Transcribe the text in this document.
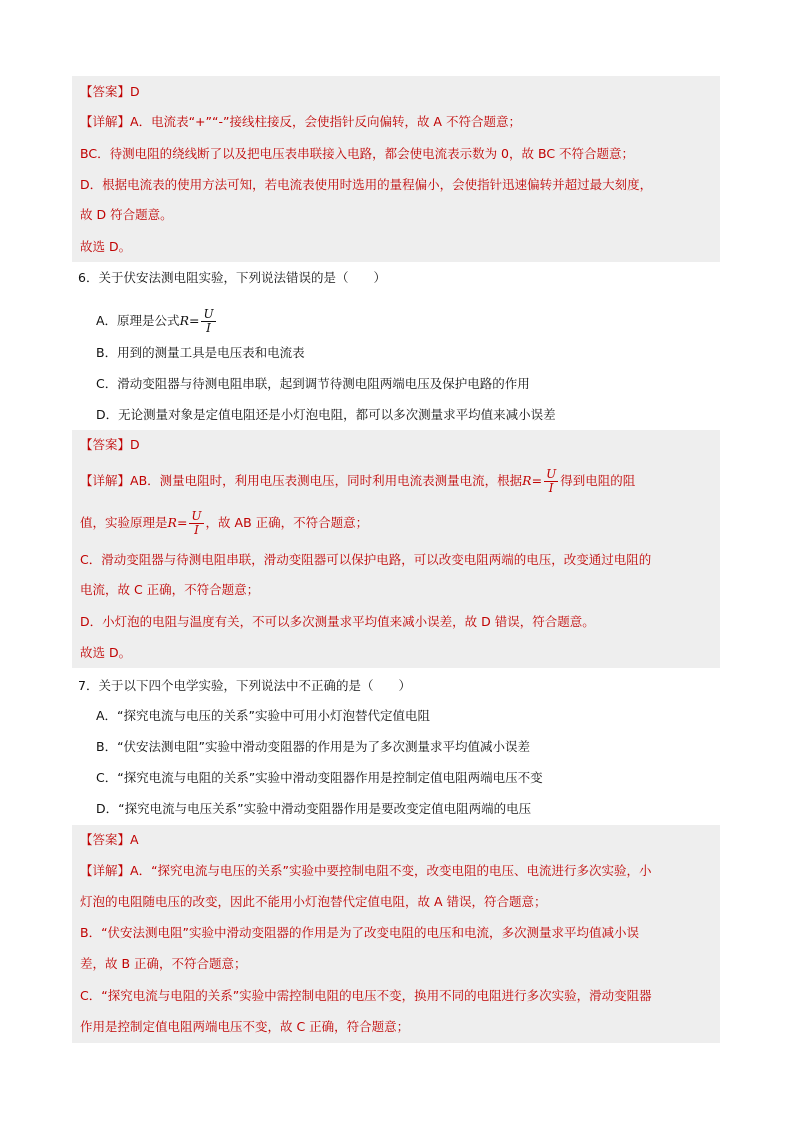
【答案】D
【详解】A．电流表“+”“-”接线柱接反，会使指针反向偏转，故 A 不符合题意；
BC．待测电阻的绕线断了以及把电压表串联接入电路，都会使电流表示数为 0，故 BC 不符合题意；
D．根据电流表的使用方法可知，若电流表使用时选用的量程偏小，会使指针迅速偏转并超过最大刻度，
故 D 符合题意。
故选 D。
6．关于伏安法测电阻实验，下列说法错误的是（　　）
A．原理是公式$R= \frac{U}{I}$
B．用到的测量工具是电压表和电流表
C．滑动变阻器与待测电阻串联，起到调节待测电阻两端电压及保护电路的作用
D．无论测量对象是定值电阻还是小灯泡电阻，都可以多次测量求平均值来减小误差
【答案】D
【详解】AB．测量电阻时，利用电压表测电压，同时利用电流表测量电流，根据$R= \frac{U}{I}$ 得到电阻的阻
值，实验原理是$R= \frac{U}{I}$ ，故 AB 正确，不符合题意；
C．滑动变阻器与待测电阻串联，滑动变阻器可以保护电路，可以改变电阻两端的电压，改变通过电阻的
电流，故 C 正确，不符合题意；
D．小灯泡的电阻与温度有关，不可以多次测量求平均值来减小误差，故 D 错误，符合题意。
故选 D。
7．关于以下四个电学实验，下列说法中不正确的是（　　）
A．“探究电流与电压的关系”实验中可用小灯泡替代定值电阻
B．“伏安法测电阻”实验中滑动变阻器的作用是为了多次测量求平均值减小误差
C．“探究电流与电阻的关系”实验中滑动变阻器作用是控制定值电阻两端电压不变
D．“探究电流与电压关系”实验中滑动变阻器作用是要改变定值电阻两端的电压
【答案】A
【详解】A．“探究电流与电压的关系”实验中要控制电阻不变，改变电阻的电压、电流进行多次实验，小
灯泡的电阻随电压的改变，因此不能用小灯泡替代定值电阻，故 A 错误，符合题意；
B．“伏安法测电阻”实验中滑动变阻器的作用是为了改变电阻的电压和电流，多次测量求平均值减小误
差，故 B 正确，不符合题意；
C．“探究电流与电阻的关系”实验中需控制电阻的电压不变，换用不同的电阻进行多次实验，滑动变阻器
作用是控制定值电阻两端电压不变，故 C 正确，符合题意；
